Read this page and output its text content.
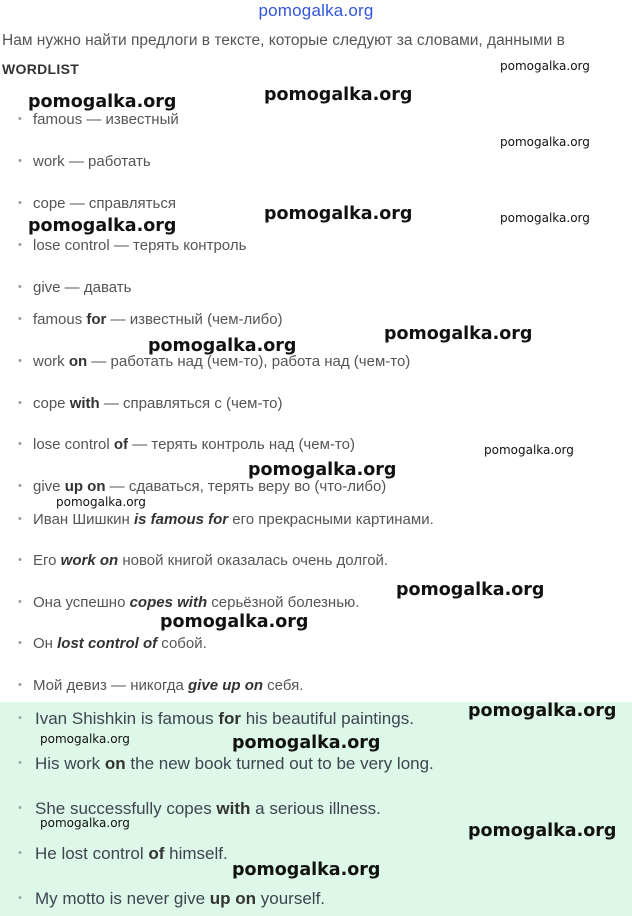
pomogalka.org
Нам нужно найти предлоги в тексте, которые следуют за словами, данными в
WORDLIST
• famous — известный
• work — работать
• cope — справляться
• lose control — терять контроль
• give — давать
• famous for — известный (чем-либо)
• work on — работать над (чем-то), работа над (чем-то)
• cope with — справляться с (чем-то)
• lose control of — терять контроль над (чем-то)
• give up on — сдаваться, терять веру во (что-либо)
• Иван Шишкин is famous for его прекрасными картинами.
• Его work on новой книгой оказалась очень долгой.
• Она успешно copes with серьёзной болезнью.
• Он lost control of собой.
• Мой девиз — никогда give up on себя.
• Ivan Shishkin is famous for his beautiful paintings.
• His work on the new book turned out to be very long.
• She successfully copes with a serious illness.
• He lost control of himself.
• My motto is never give up on yourself.
pomogalka.org
pomogalka.org	pomogalka.org
pomogalka.org
pomogalka.org
pomogalka.org	pomogalka.org
pomogalka.org
pomogalka.org
pomogalka.org
pomogalka.org
pomogalka.org
pomogalka.org
pomogalka.org
pomogalka.org
pomogalka.org	pomogalka.org
pomogalka.org	pomogalka.org
pomogalka.org
